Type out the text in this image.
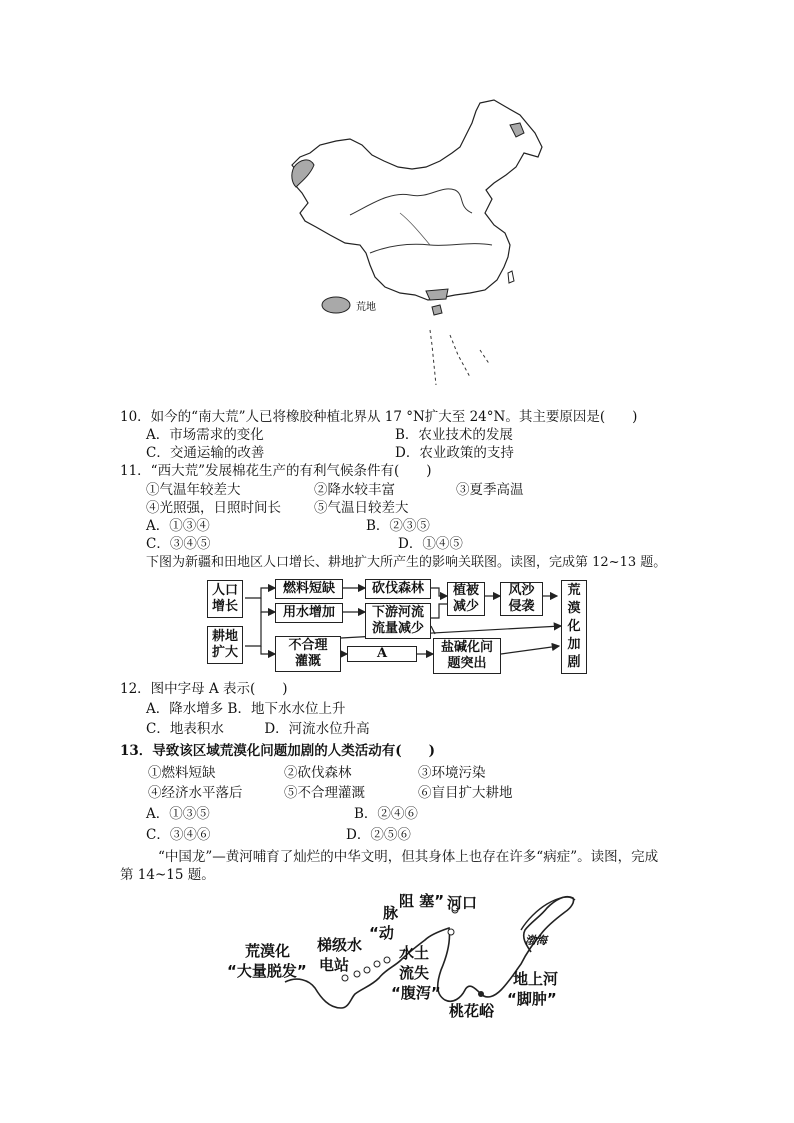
荒地
10．如今的“南大荒”人已将橡胶种植北界从 17 °N扩大至 24°N。其主要原因是(　　)
A．市场需求的变化	B．农业技术的发展
C．交通运输的改善	D．农业政策的支持
11．“西大荒”发展棉花生产的有利气候条件有(　　)
①气温年较差大	②降水较丰富	③夏季高温
④光照强，日照时间长 ⑤气温日较差大
A．①③④	B．②③⑤
C．③④⑤	D．①④⑤
下图为新疆和田地区人口增长、耕地扩大所产生的影响关联图。读图，完成第 12~13 题。
人口增长
耕地扩大
燃料短缺
用水增加
不合理灌溉
砍伐森林
下游河流流量减少
A
植被减少
风沙侵袭
盐碱化问题突出
荒漠化加剧
12．图中字母 A 表示(　　)
A．降水增多 B．地下水水位上升
C．地表积水　　　D．河流水位升高
13．导致该区域荒漠化问题加剧的人类活动有(　　)
①燃料短缺	②砍伐森林	③环境污染
④经济水平落后	⑤不合理灌溉	⑥盲目扩大耕地
A．①③⑤	B．②④⑥
C．③④⑥	D．②⑤⑥
“中国龙”—黄河哺育了灿烂的中华文明，但其身体上也存在许多“病症”。读图，完成
第 14~15 题。
荒漠化
“大量脱发”
梯级水
电站
脉
“动
阻 塞” 河口
水土
流失
“腹泻”
渤海
地上河
“脚肿”
桃花峪
